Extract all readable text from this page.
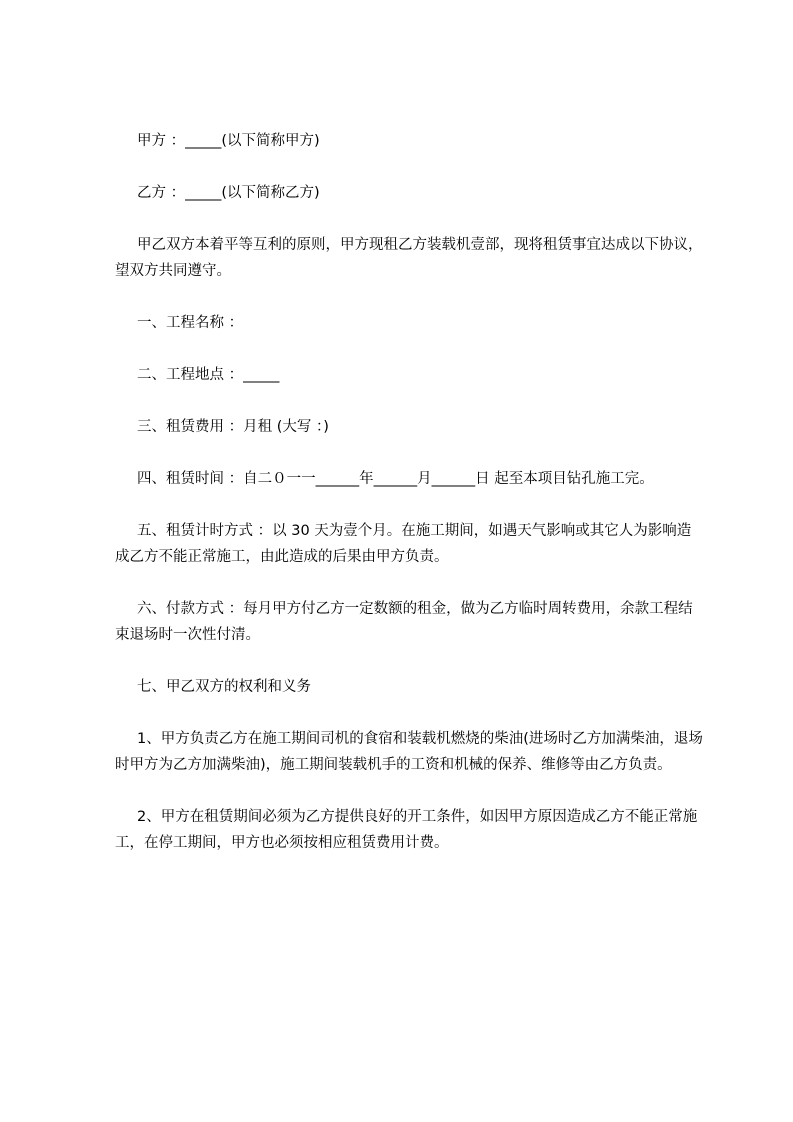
甲方 ：_____(以下简称甲方)

乙方 ：_____(以下简称乙方)

甲乙双方本着平等互利的原则，甲方现租乙方装载机壹部，现将租赁事宜达成以下协议，望双方共同遵守。

一、工程名称 ：

二、工程地点 ：_____

三、租赁费用 ：月租 (大写 ：)

四、租赁时间 ：自二０一一______年______月______日 起至本项目钻孔施工完。

五、租赁计时方式 ：以 30 天为壹个月。在施工期间，如遇天气影响或其它人为影响造成乙方不能正常施工，由此造成的后果由甲方负责。

六、付款方式 ：每月甲方付乙方一定数额的租金，做为乙方临时周转费用，余款工程结束退场时一次性付清。

七、甲乙双方的权利和义务

1、甲方负责乙方在施工期间司机的食宿和装载机燃烧的柴油(进场时乙方加满柴油，退场时甲方为乙方加满柴油)，施工期间装载机手的工资和机械的保养、维修等由乙方负责。

2、甲方在租赁期间必须为乙方提供良好的开工条件，如因甲方原因造成乙方不能正常施工，在停工期间，甲方也必须按相应租赁费用计费。
